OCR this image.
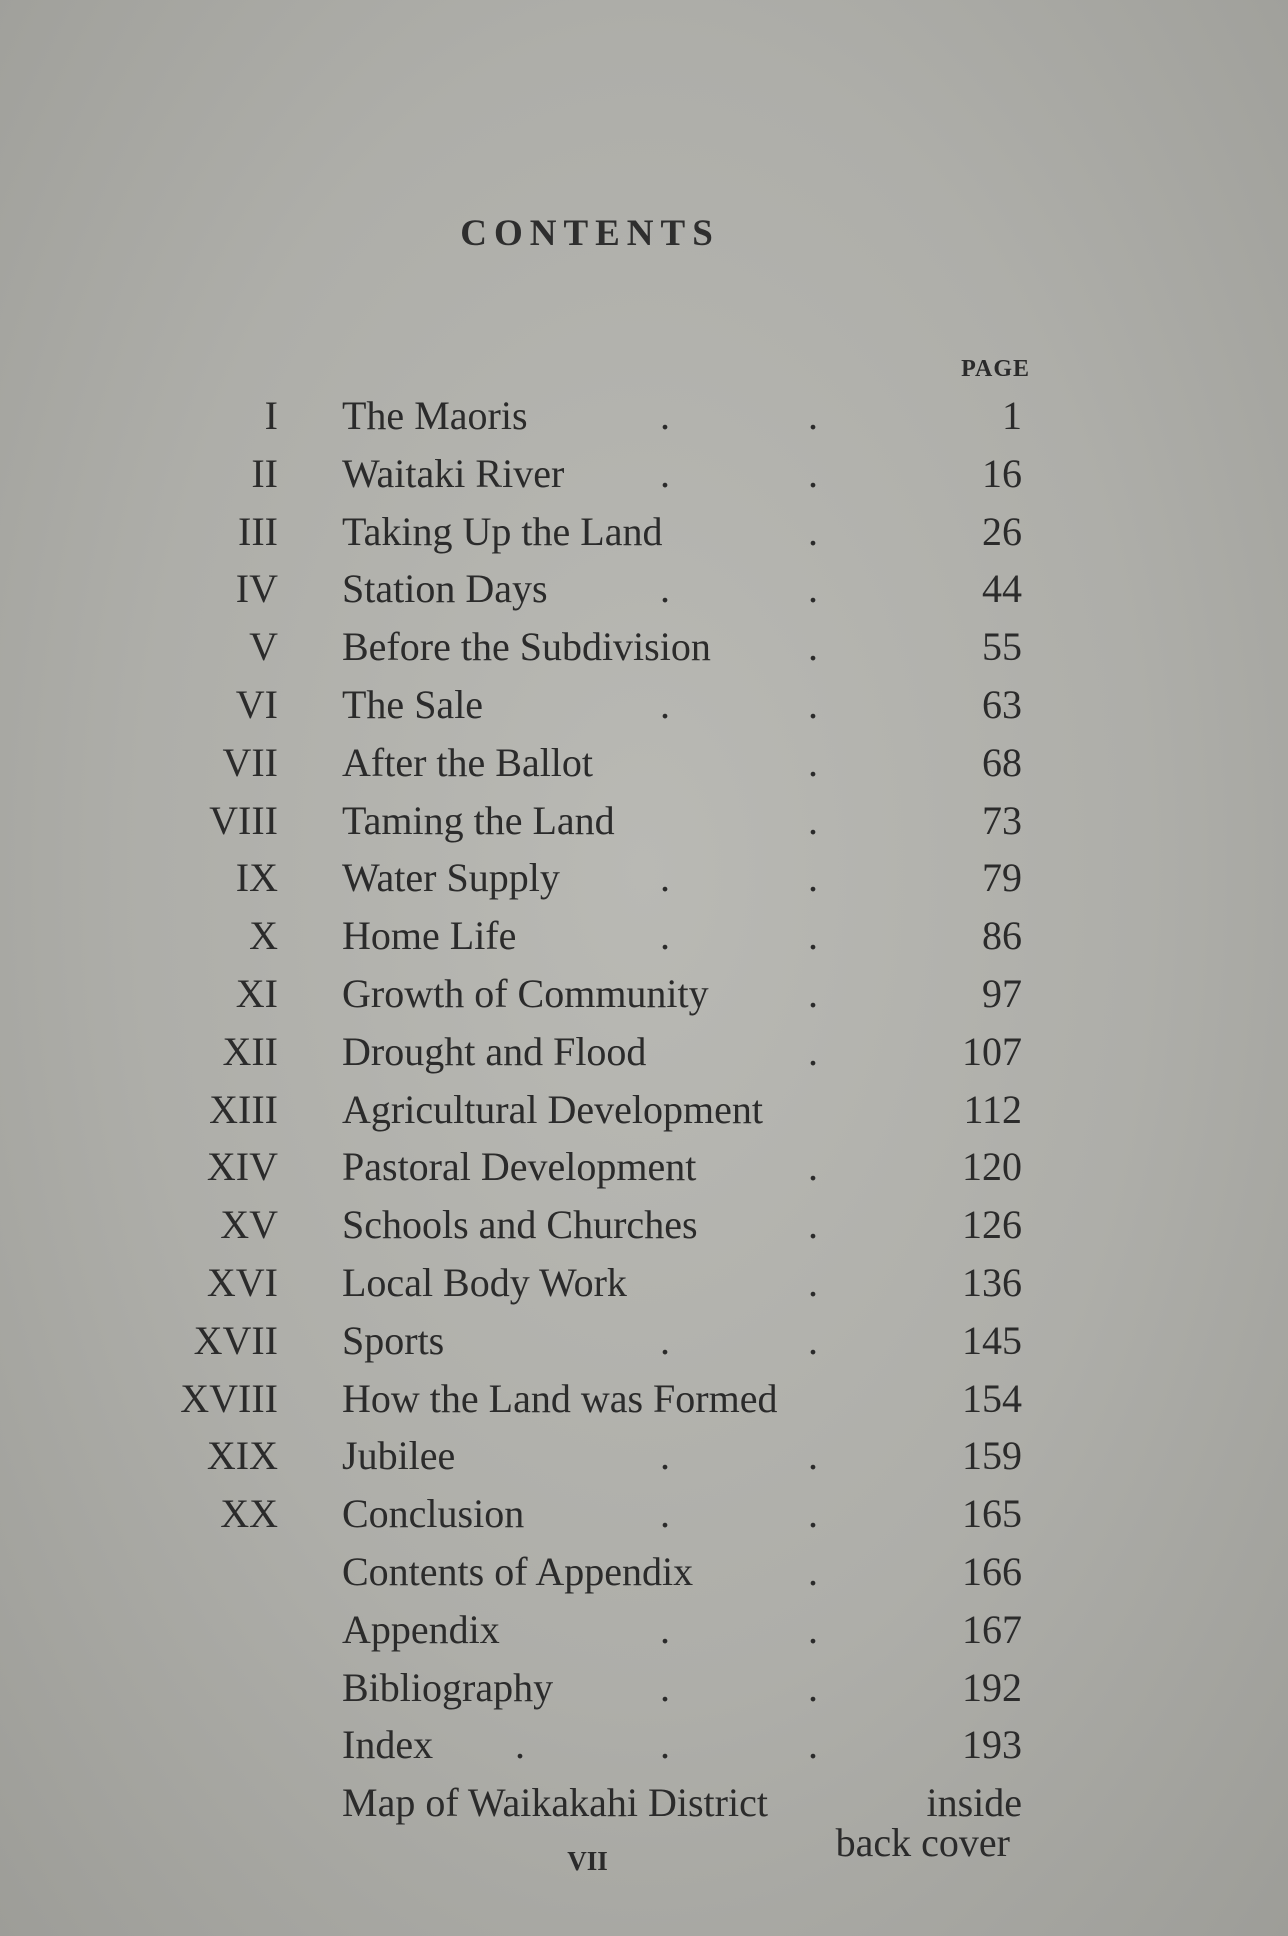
CONTENTS
PAGE
I The Maoris	.	.	1
II Waitaki River .	.	16
III Taking Up the Land	.	26
IV Station Days	.	.	44
V Before the Subdivision .	55
VI The Sale	.	.	63
VII After the Ballot	.	68
VIII Taming the Land	.	73
IX Water Supply	.	.	79
X Home Life	.	.	86
XI Growth of Community .	97
XII Drought and Flood	.	107
XIII Agricultural Development	112
XIV Pastoral Development	.	120
XV Schools and Churches	.	126
XVI Local Body Work	.	136
XVII Sports	.	.	145
XVIII How the Land was Formed	154
XIX Jubilee	.	.	159
XX Conclusion	.	.	165
Contents of Appendix	.	166
Appendix	.	.	167
Bibliography	.	.	192
Index .	.	.	193
Map of Waikakahi District	inside
back cover
VII
